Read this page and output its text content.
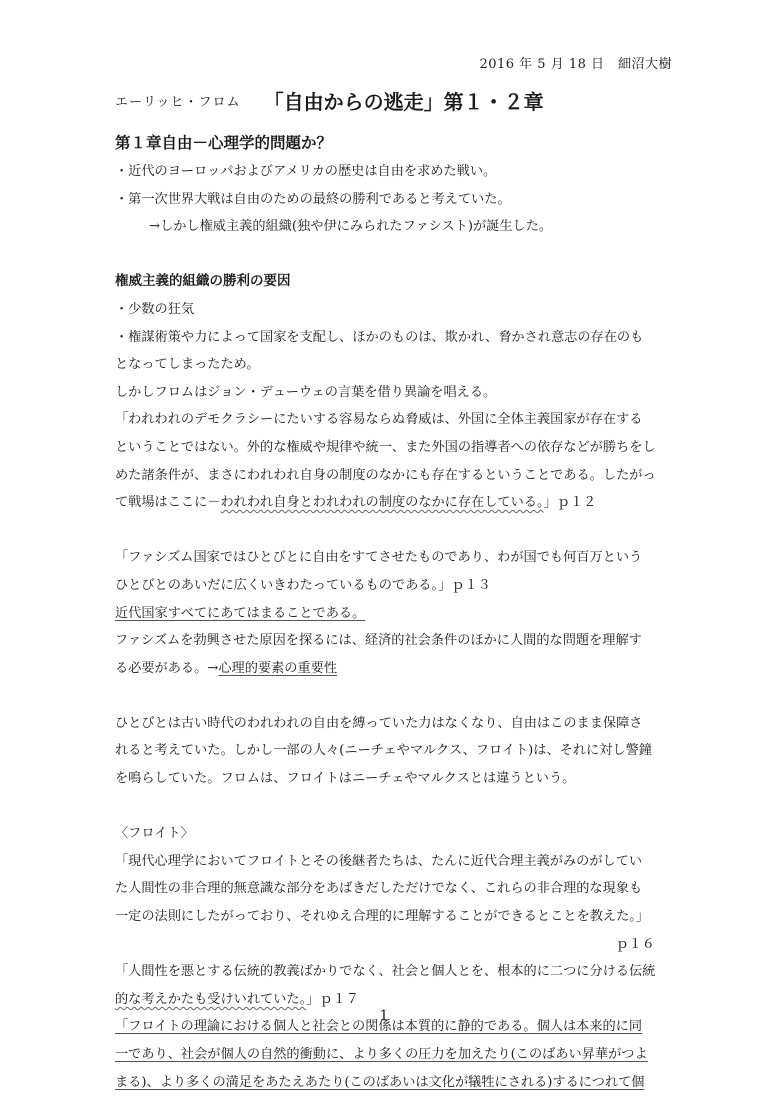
2016 年 5 月 18 日　細沼大樹
エーリッヒ・フロム 「自由からの逃走」第１・２章

第１章自由－心理学的問題か？

・近代のヨーロッパおよびアメリカの歴史は自由を求めた戦い。

・第一次世界大戦は自由のための最終の勝利であると考えていた。

→しかし権威主義的組織(独や伊にみられたファシスト)が誕生した。

権威主義的組織の勝利の要因

・少数の狂気

・権謀術策や力によって国家を支配し、ほかのものは、欺かれ、脅かされ意志の存在のも

となってしまったため。

しかしフロムはジョン・デューウェの言葉を借り異論を唱える。

「われわれのデモクラシーにたいする容易ならぬ脅威は、外国に全体主義国家が存在する

ということではない。外的な権威や規律や統一、また外国の指導者への依存などが勝ちをし

めた諸条件が、まさにわれわれ自身の制度のなかにも存在するということである。したがっ

て戦場はここに－われわれ自身とわれわれの制度のなかに存在している。」ｐ１２

「ファシズム国家ではひとびとに自由をすてさせたものであり、わが国でも何百万という

ひとびとのあいだに広くいきわたっているものである。」ｐ１３

近代国家すべてにあてはまることである。

ファシズムを勃興させた原因を探るには、経済的社会条件のほかに人間的な問題を理解す

る必要がある。→心理的要素の重要性

ひとびとは古い時代のわれわれの自由を縛っていた力はなくなり、自由はこのまま保障さ

れると考えていた。しかし一部の人々(ニーチェやマルクス、フロイト)は、それに対し警鐘

を鳴らしていた。フロムは、フロイトはニーチェやマルクスとは違うという。

〈フロイト〉

「現代心理学においてフロイトとその後継者たちは、たんに近代合理主義がみのがしてい

た人間性の非合理的無意識な部分をあばきだしただけでなく、これらの非合理的な現象も

一定の法則にしたがっており、それゆえ合理的に理解することができるとことを教えた。」

ｐ１６

「人間性を悪とする伝統的教義ばかりでなく、社会と個人とを、根本的に二つに分ける伝統

的な考えかたも受けいれていた。」ｐ１７

「フロイトの理論における個人と社会との関係は本質的に静的である。個人は本来的に同

一であり、社会が個人の自然的衝動に、より多くの圧力を加えたり(このばあい昇華がつよ

まる)、より多くの満足をあたえあたり(このばあいは文化が犠牲にされる)するにつれて個

1
